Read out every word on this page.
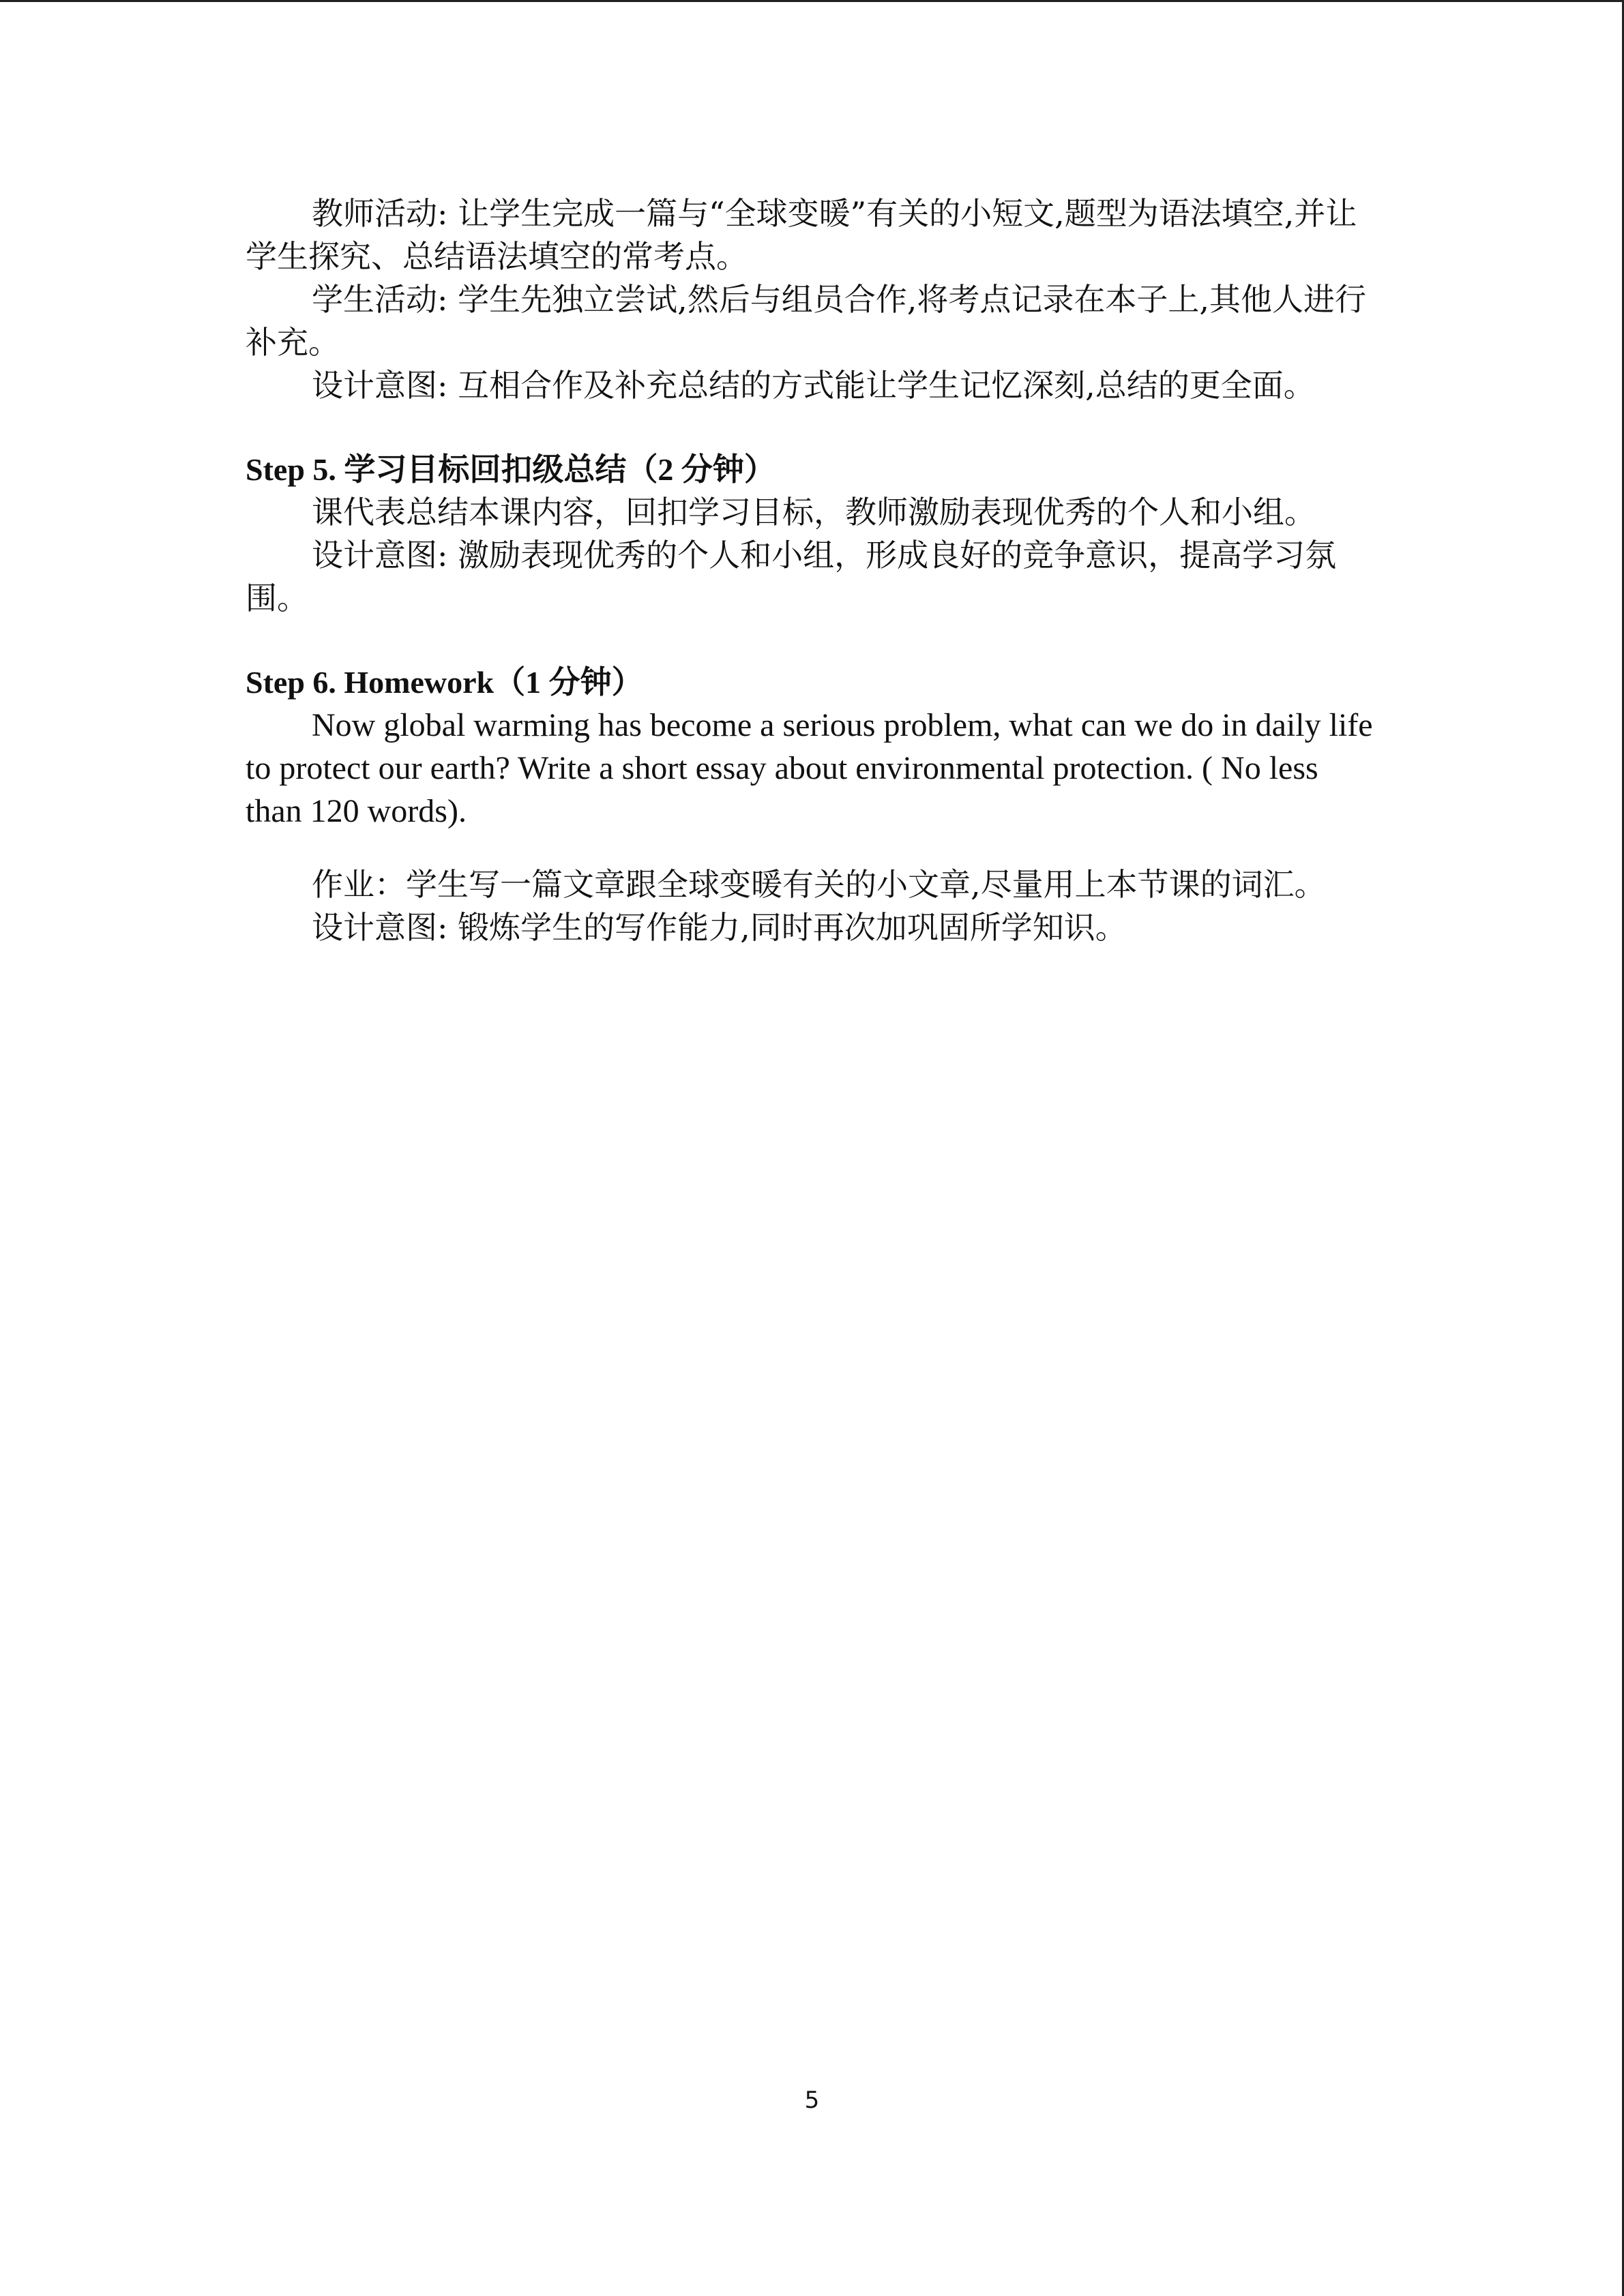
教师活动: 让学生完成一篇与“全球变暖”有关的小短文,题型为语法填空,并让学生探究、总结语法填空的常考点。

学生活动: 学生先独立尝试,然后与组员合作,将考点记录在本子上,其他人进行补充。

设计意图: 互相合作及补充总结的方式能让学生记忆深刻,总结的更全面。

Step 5. 学习目标回扣级总结（2 分钟）

课代表总结本课内容，回扣学习目标，教师激励表现优秀的个人和小组。

设计意图: 激励表现优秀的个人和小组，形成良好的竞争意识，提高学习氛围。

Step 6. Homework（1 分钟）

Now global warming has become a serious problem, what can we do in daily life to protect our earth? Write a short essay about environmental protection. ( No less than 120 words).

作业：学生写一篇文章跟全球变暖有关的小文章,尽量用上本节课的词汇。

设计意图: 锻炼学生的写作能力,同时再次加巩固所学知识。

5
